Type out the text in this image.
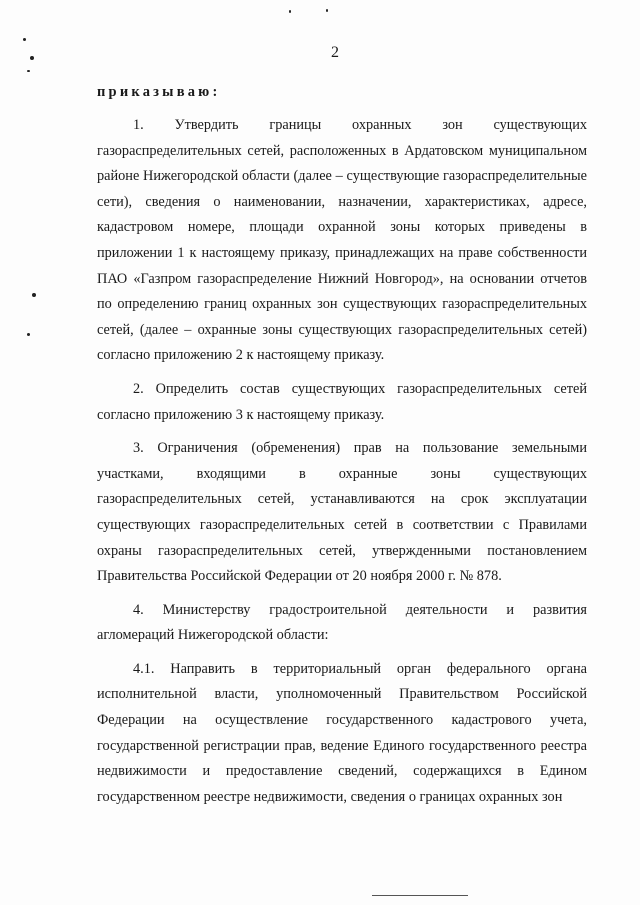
2
приказываю:

1. Утвердить границы охранных зон существующих газораспределительных сетей, расположенных в Ардатовском муниципальном районе Нижегородской области (далее – существующие газораспределительные сети), сведения о наименовании, назначении, характеристиках, адресе, кадастровом номере, площади охранной зоны которых приведены в приложении 1 к настоящему приказу, принадлежащих на праве собственности ПАО «Газпром газораспределение Нижний Новгород», на основании отчетов по определению границ охранных зон существующих газораспределительных сетей, (далее – охранные зоны существующих газораспределительных сетей) согласно приложению 2 к настоящему приказу.

2. Определить состав существующих газораспределительных сетей согласно приложению 3 к настоящему приказу.

3. Ограничения (обременения) прав на пользование земельными участками, входящими в охранные зоны существующих газораспределительных сетей, устанавливаются на срок эксплуатации существующих газораспределительных сетей в соответствии с Правилами охраны газораспределительных сетей, утвержденными постановлением Правительства Российской Федерации от 20 ноября 2000 г. № 878.

4. Министерству градостроительной деятельности и развития агломераций Нижегородской области:

4.1. Направить в территориальный орган федерального органа исполнительной власти, уполномоченный Правительством Российской Федерации на осуществление государственного кадастрового учета, государственной регистрации прав, ведение Единого государственного реестра недвижимости и предоставление сведений, содержащихся в Едином государственном реестре недвижимости, сведения о границах охранных зон
